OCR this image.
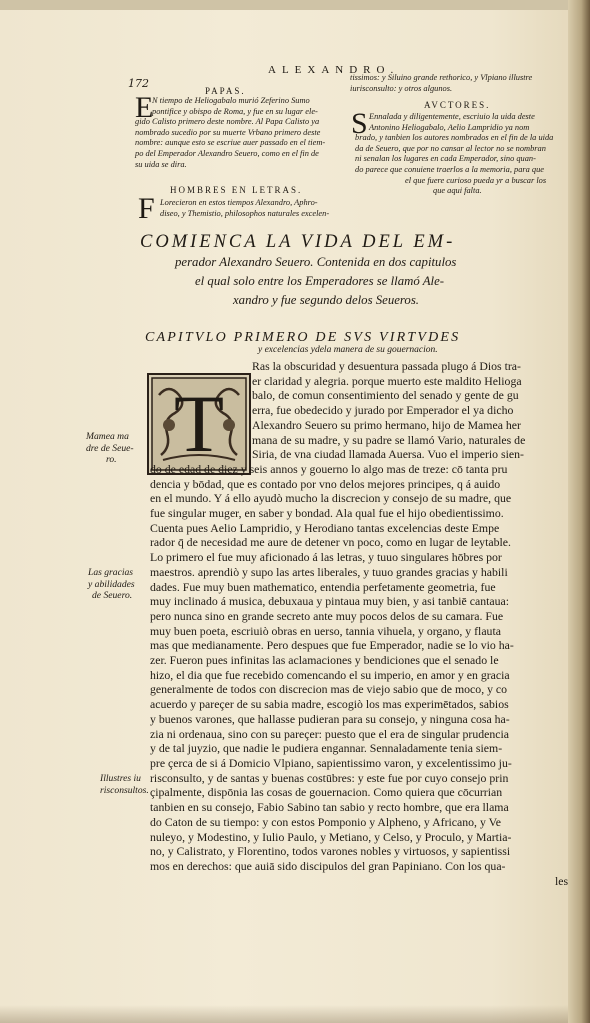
ALEXANDRO.
172
PAPAS.
E
N tiempo de Heliogabalo murió Zeferino Sumo
pontifice y obispo de Roma, y fue en su lugar ele-
gido Calisto primero deste nombre. Al Papa Calisto ya
nombrado sucedio por su muerte Vrbano primero deste
nombre: aunque esto se escriue auer passado en el tiem-
po del Emperador Alexandro Seuero, como en el fin de
su uida se dira.
HOMBRES EN LETRAS.
F Lorecieron en estos tiempos Alexandro, Aphro-
diseo, y Themistio, philosophos naturales excelen-
tissimos: y Siluino grande rethorico, y Vlpiano illustre
iurisconsulto: y otros algunos.
AVCTORES.
S Ennalada y diligentemente, escriuio la uida deste
Antonino Heliogabalo, Aelio Lampridio ya nom
brado, y tanbien los autores nombrados en el fin de la uida
da de Seuero, que por no cansar al lector no se nombran
ni senalan los lugares en cada Emperador, sino quan-
do parece que conuiene traerlos a la memoria, para que
el que fuere curioso pueda yr a buscar los
que aqui falta.
COMIENCA LA VIDA DEL EM-
perador Alexandro Seuero. Contenida en dos capitulos
el qual solo entre los Emperadores se llamó Ale-
xandro y fue segundo delos Seueros.
CAPITVLO PRIMERO DE SVS VIRTVDES
y excelencias ydela manera de su gouernacion.
T
Ras la obscuridad y desuentura passada plugo á Dios tra-
er claridad y alegria. porque muerto este maldito Helioga
balo, de comun consentimiento del senado y gente de gu
erra, fue obedecido y jurado por Emperador el ya dicho
Alexandro Seuero su primo hermano, hijo de Mamea her
mana de su madre, y su padre se llamó Vario, naturales de
Siria, de vna ciudad llamada Auersa. Vuo el imperio sien-
do de edad de diez y seis annos y gouerno lo algo mas de treze: cō tanta pru
dencia y bōdad, que es contado por vno delos mejores principes, q á auido
en el mundo. Y á ello ayudò mucho la discrecion y consejo de su madre, que
fue singular muger, en saber y bondad. Ala qual fue el hijo obedientissimo.
Cuenta pues Aelio Lampridio, y Herodiano tantas excelencias deste Empe
rador q̄ de necesidad me aure de detener vn poco, como en lugar de leytable.
Lo primero el fue muy aficionado á las letras, y tuuo singulares hōbres por
maestros. aprendiò y supo las artes liberales, y tuuo grandes gracias y habili
dades. Fue muy buen mathematico, entendia perfetamente geometria, fue
muy inclinado á musica, debuxaua y pintaua muy bien, y asi tanbiē cantaua:
pero nunca sino en grande secreto ante muy pocos delos de su camara. Fue
muy buen poeta, escriuiò obras en uerso, tannia vihuela, y organo, y flauta
mas que medianamente. Pero despues que fue Emperador, nadie se lo vio ha-
zer. Fueron pues infinitas las aclamaciones y bendiciones que el senado le
hizo, el dia que fue recebido comencando el su imperio, en amor y en gracia
generalmente de todos con discrecion mas de viejo sabio que de moco, y co
acuerdo y pareçer de su sabia madre, escogiò los mas experimētados, sabios
y buenos varones, que hallasse pudieran para su consejo, y ninguna cosa ha-
zia ni ordenaua, sino con su pareçer: puesto que el era de singular prudencia
y de tal juyzio, que nadie le pudiera engannar. Sennaladamente tenia siem-
pre çerca de si á Domicio Vlpiano, sapientissimo varon, y excelentissimo ju-
risconsulto, y de santas y buenas costūbres: y este fue por cuyo consejo prin
çipalmente, dispōnia las cosas de gouernacion. Como quiera que cōcurrian
tanbien en su consejo, Fabio Sabino tan sabio y recto hombre, que era llama
do Caton de su tiempo: y con estos Pomponio y Alpheno, y Africano, y Ve
nuleyo, y Modestino, y Iulio Paulo, y Metiano, y Celso, y Proculo, y Martia-
no, y Calistrato, y Florentino, todos varones nobles y virtuosos, y sapientissi
mos en derechos: que auiā sido discipulos del gran Papiniano. Con los qua-
les
Mamea ma
dre de Seue-
ro.
Las gracias
y abilidades
de Seuero.
Illustres iu
risconsultos.
